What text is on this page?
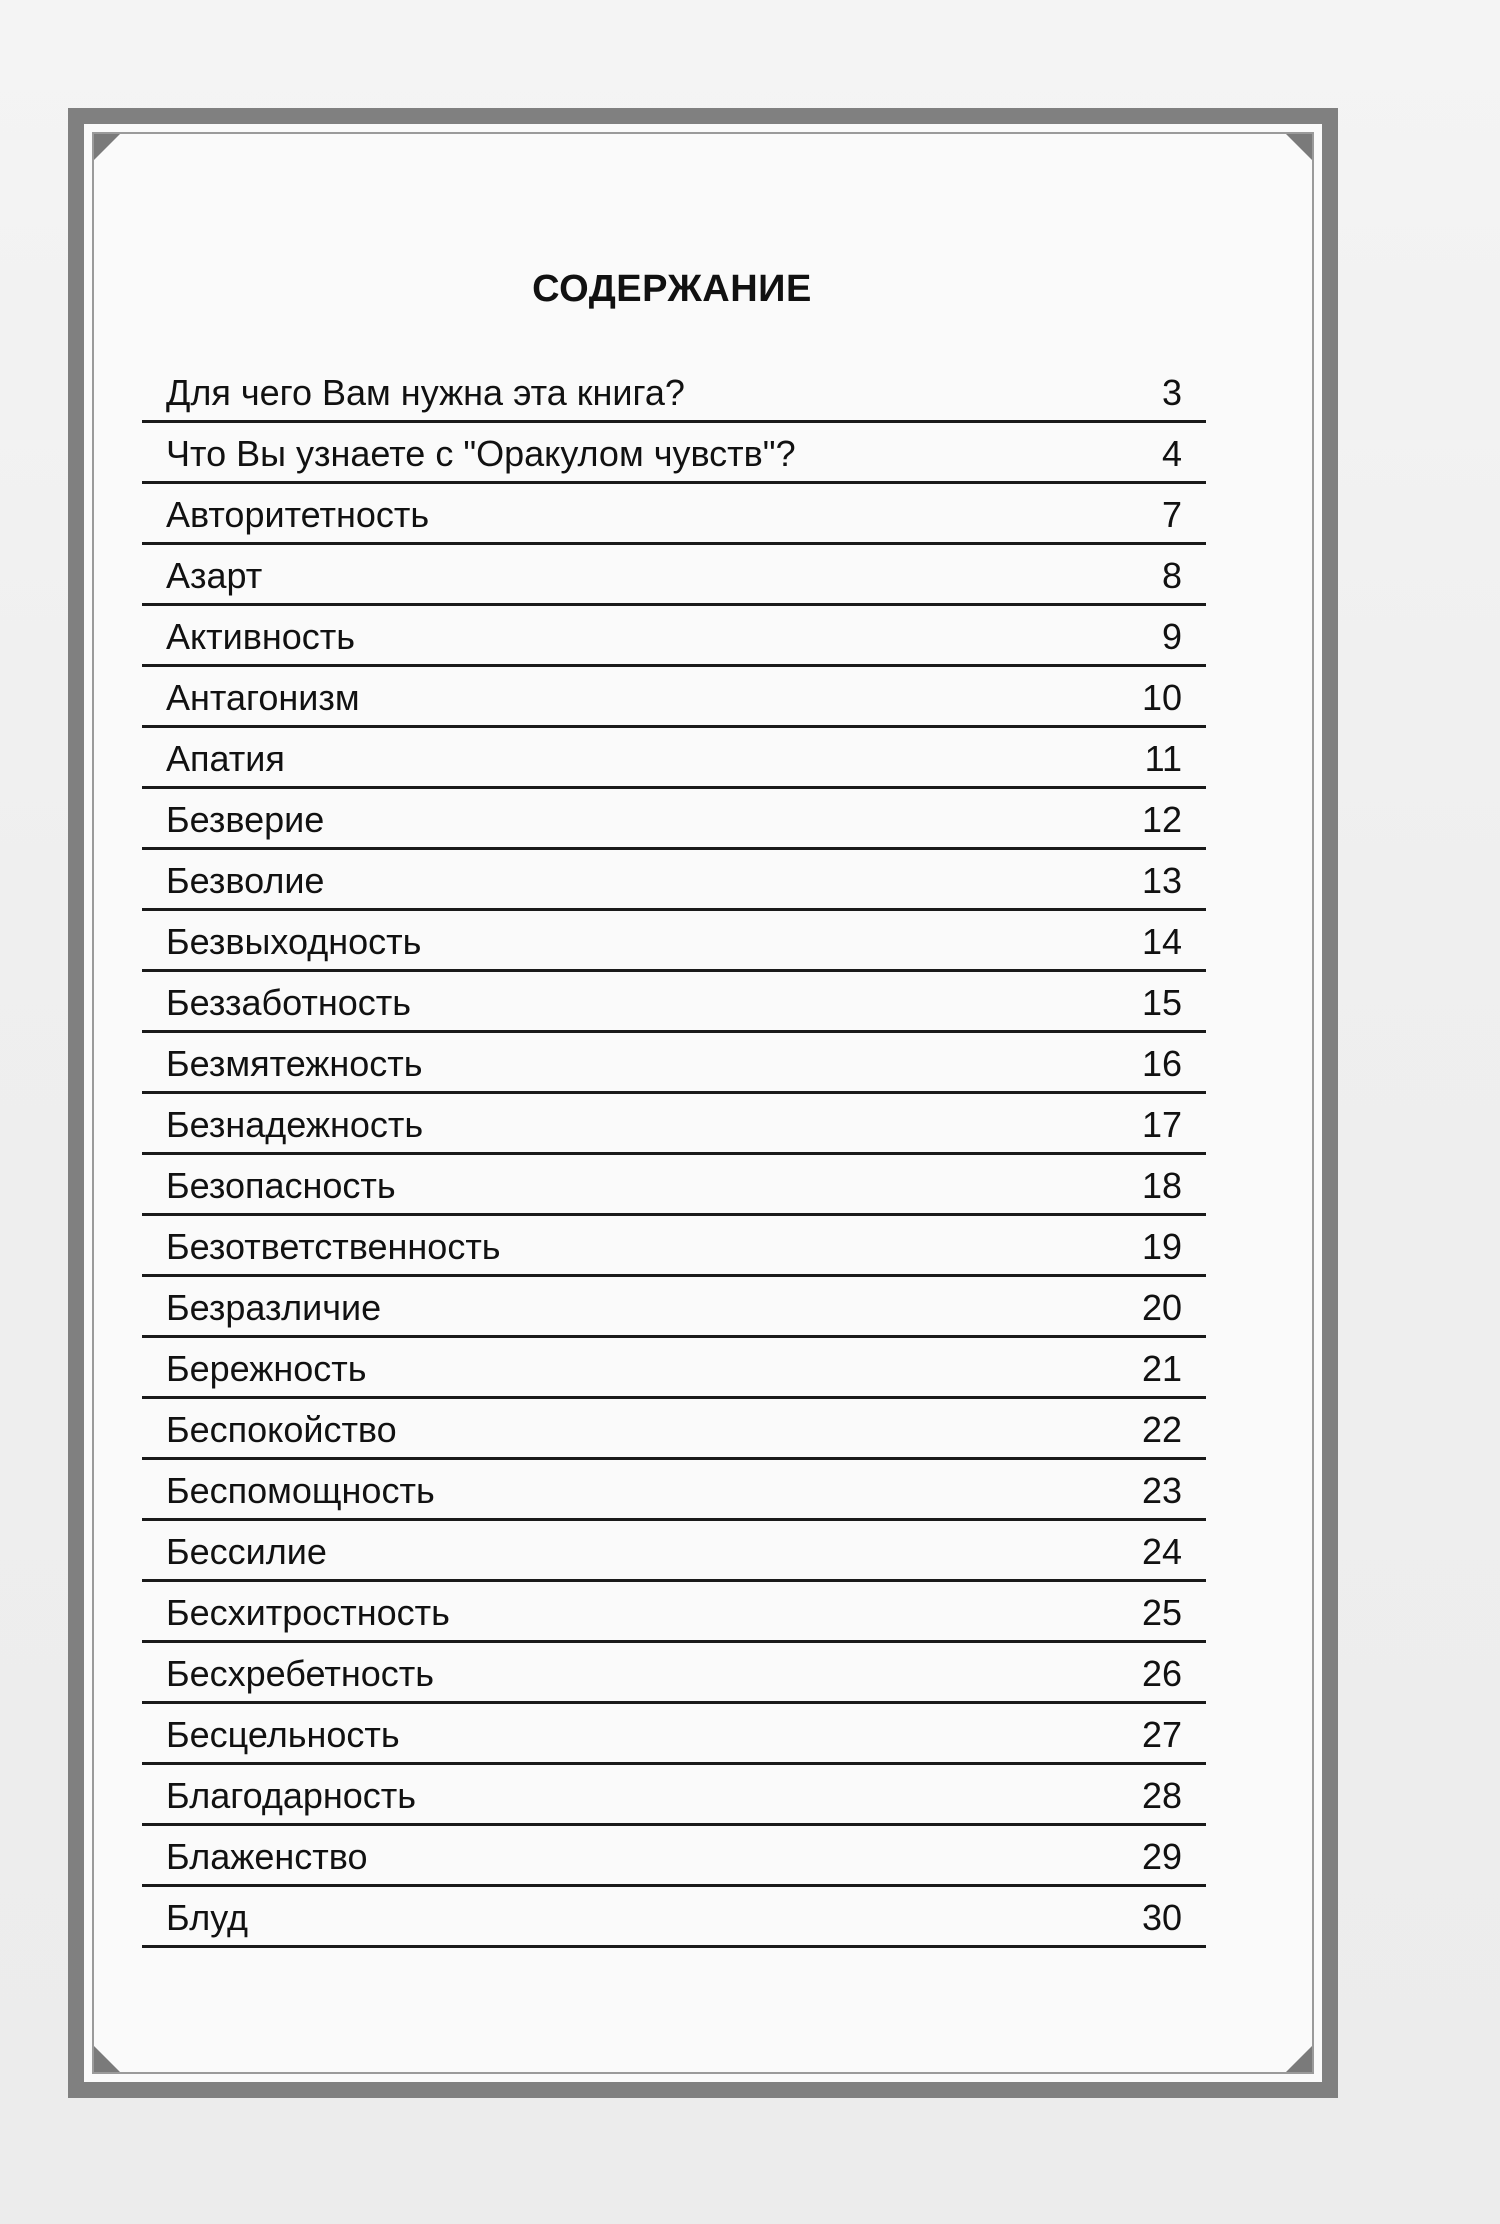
СОДЕРЖАНИЕ
Для чего Вам нужна эта книга?	3
Что Вы узнаете с "Оракулом чувств"?	4
Авторитетность	7
Азарт	8
Активность	9
Антагонизм	10
Апатия	11
Безверие	12
Безволие	13
Безвыходность	14
Беззаботность	15
Безмятежность	16
Безнадежность	17
Безопасность	18
Безответственность	19
Безразличие	20
Бережность	21
Беспокойство	22
Беспомощность	23
Бессилие	24
Бесхитростность	25
Бесхребетность	26
Бесцельность	27
Благодарность	28
Блаженство	29
Блуд	30
